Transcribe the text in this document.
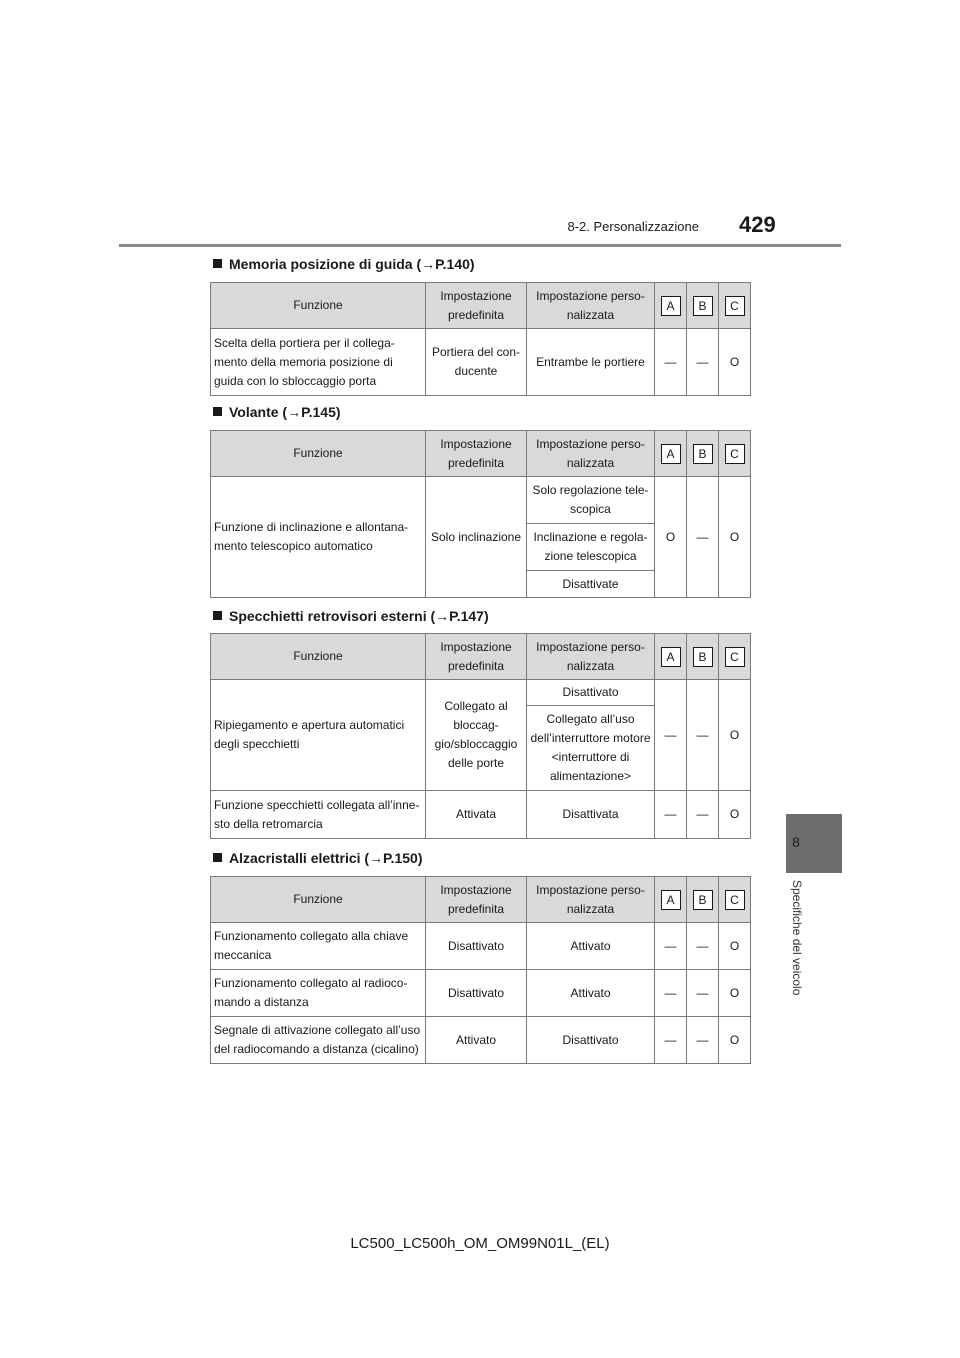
8-2. Personalizzazione 429
8
Specifiche del veicolo
Memoria posizione di guida (→P.140)
Funzione	Impostazione predefinita	Impostazione perso-nalizzata	A	B	C
Scelta della portiera per il collega-mento della memoria posizione di guida con lo sbloccaggio porta	Portiera del con-ducente	Entrambe le portiere	—	—	O
Volante (→P.145)
Funzione	Impostazione predefinita	Impostazione perso-nalizzata	A	B	C
Funzione di inclinazione e allontana-mento telescopico automatico	Solo inclinazione	Solo regolazione tele-scopica	O	—	O
		Inclinazione e regola-zione telescopica			
		Disattivate			
Specchietti retrovisori esterni (→P.147)
Funzione	Impostazione predefinita	Impostazione perso-nalizzata	A	B	C
Ripiegamento e apertura automatici degli specchietti	Collegato al bloccag-gio/sbloccaggio delle porte	Disattivato	—	—	O
		Collegato all’uso dell’interruttore motore <interruttore di alimentazione>			
Funzione specchietti collegata all’inne-sto della retromarcia	Attivata	Disattivata	—	—	O
Alzacristalli elettrici (→P.150)
Funzione	Impostazione predefinita	Impostazione perso-nalizzata	A	B	C
Funzionamento collegato alla chiave meccanica	Disattivato	Attivato	—	—	O
Funzionamento collegato al radioco-mando a distanza	Disattivato	Attivato	—	—	O
Segnale di attivazione collegato all’uso del radiocomando a distanza (cicalino)	Attivato	Disattivato	—	—	O
LC500_LC500h_OM_OM99N01L_(EL)
